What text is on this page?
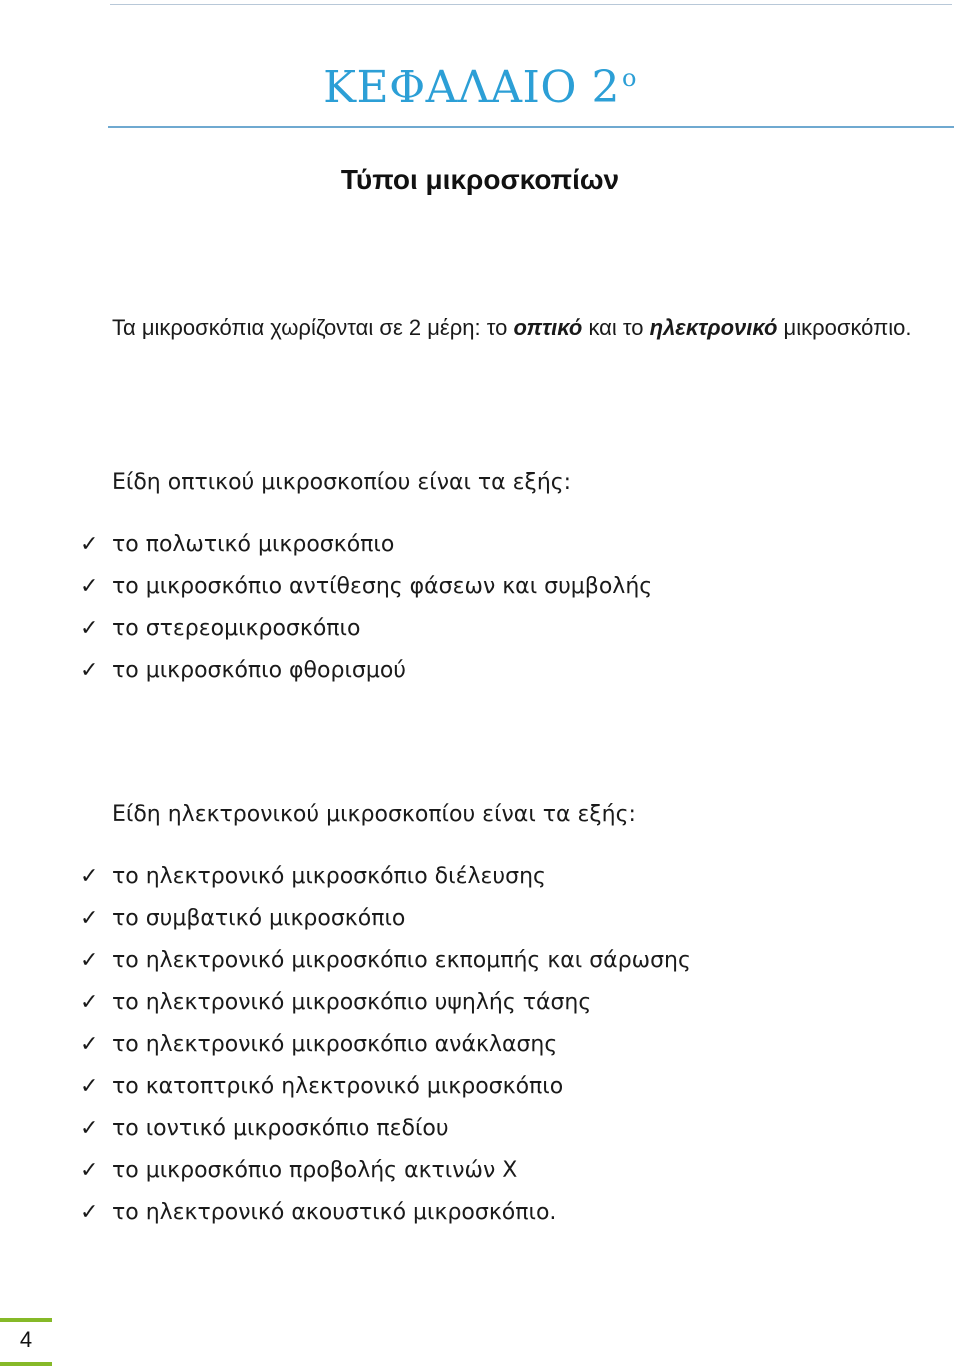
ΚΕΦΑΛΑΙΟ $2^o$
Τύποι μικροσκοπίων
Τα μικροσκόπια χωρίζονται σε 2 μέρη: το οπτικό και το ηλεκτρονικό μικροσκόπιο.
Είδη οπτικού μικροσκοπίου είναι τα εξής:
✓ το πολωτικό μικροσκόπιο
✓ το μικροσκόπιο αντίθεσης φάσεων και συμβολής
✓ το στερεομικροσκόπιο
✓ το μικροσκόπιο φθορισμού
Είδη ηλεκτρονικού μικροσκοπίου είναι τα εξής:
✓ το ηλεκτρονικό μικροσκόπιο διέλευσης
✓ το συμβατικό μικροσκόπιο
✓ το ηλεκτρονικό μικροσκόπιο εκπομπής και σάρωσης
✓ το ηλεκτρονικό μικροσκόπιο υψηλής τάσης
✓ το ηλεκτρονικό μικροσκόπιο ανάκλασης
✓ το κατοπτρικό ηλεκτρονικό μικροσκόπιο
✓ το ιοντικό μικροσκόπιο πεδίου
✓ το μικροσκόπιο προβολής ακτινών Χ
✓ το ηλεκτρονικό ακουστικό μικροσκόπιο.
4
